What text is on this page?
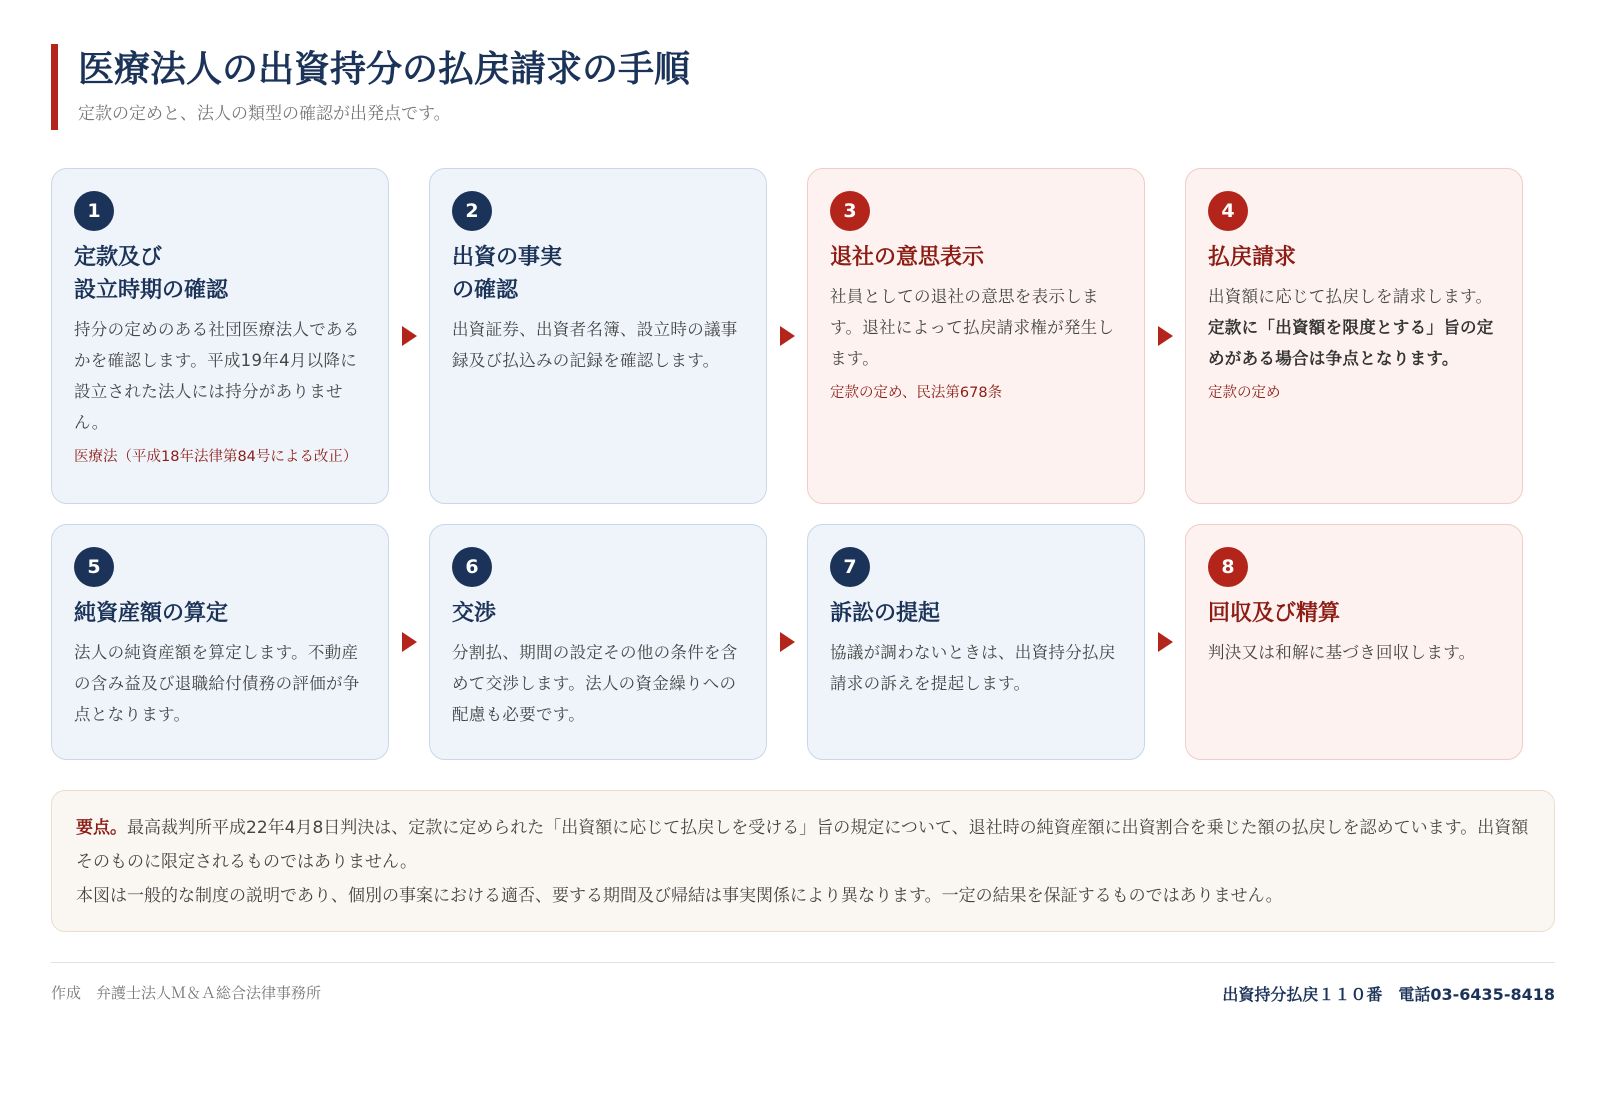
医療法人の出資持分の払戻請求の手順
定款の定めと、法人の類型の確認が出発点です。
1
定款及び
設立時期の確認
持分の定めのある社団医療法人であるかを確認します。平成19年4月以降に設立された法人には持分がありません。
医療法（平成18年法律第84号による改正）
2
出資の事実
の確認
出資証券、出資者名簿、設立時の議事録及び払込みの記録を確認します。
3
退社の意思表示
社員としての退社の意思を表示します。退社によって払戻請求権が発生します。
定款の定め、民法第678条
4
払戻請求
出資額に応じて払戻しを請求します。定款に「出資額を限度とする」旨の定めがある場合は争点となります。
定款の定め
5
純資産額の算定
法人の純資産額を算定します。不動産の含み益及び退職給付債務の評価が争点となります。
6
交渉
分割払、期間の設定その他の条件を含めて交渉します。法人の資金繰りへの配慮も必要です。
7
訴訟の提起
協議が調わないときは、出資持分払戻請求の訴えを提起します。
8
回収及び精算
判決又は和解に基づき回収します。
要点。最高裁判所平成22年4月8日判決は、定款に定められた「出資額に応じて払戻しを受ける」旨の規定について、退社時の純資産額に出資割合を乗じた額の払戻しを認めています。出資額そのものに限定されるものではありません。
本図は一般的な制度の説明であり、個別の事案における適否、要する期間及び帰結は事実関係により異なります。一定の結果を保証するものではありません。
作成　弁護士法人Ｍ＆Ａ総合法律事務所	出資持分払戻１１０番　電話03-6435-8418
